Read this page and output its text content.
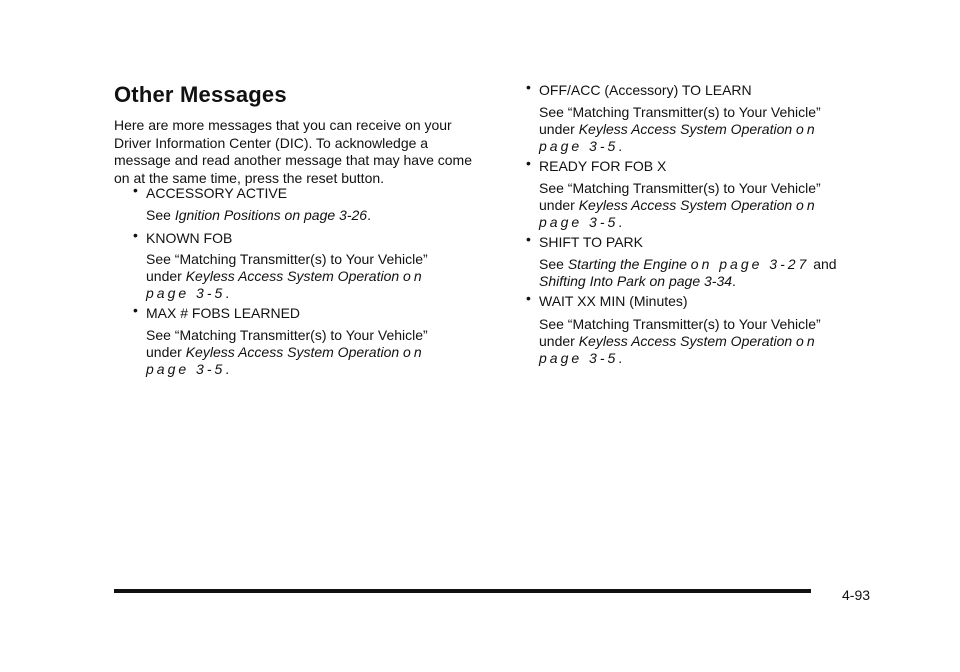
Other Messages

Here are more messages that you can receive on your Driver Information Center (DIC). To acknowledge a message and read another message that may have come on at the same time, press the reset button.

• ACCESSORY ACTIVE
See Ignition Positions on page 3-26.
• KNOWN FOB
See “Matching Transmitter(s) to Your Vehicle” under Keyless Access System Operation on page 3-5.
• MAX # FOBS LEARNED
See “Matching Transmitter(s) to Your Vehicle” under Keyless Access System Operation on page 3-5.
• OFF/ACC (Accessory) TO LEARN
See “Matching Transmitter(s) to Your Vehicle” under Keyless Access System Operation on page 3-5.
• READY FOR FOB X
See “Matching Transmitter(s) to Your Vehicle” under Keyless Access System Operation on page 3-5.
• SHIFT TO PARK
See Starting the Engine on page 3-27 and Shifting Into Park on page 3-34.
• WAIT XX MIN (Minutes)
See “Matching Transmitter(s) to Your Vehicle” under Keyless Access System Operation on page 3-5.
4-93
